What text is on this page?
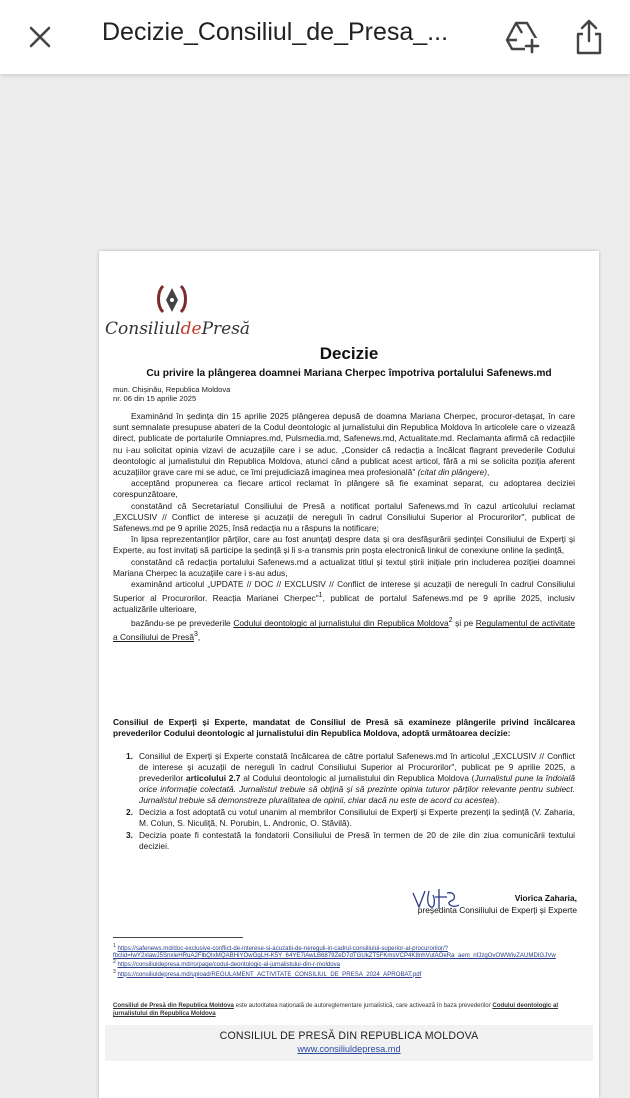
Decizie_Consiliul_de_Presa_...
ConsiliuldePresă
Decizie
Cu privire la plângerea doamnei Mariana Cherpec împotriva portalului Safenews.md
mun. Chișinău, Republica Moldova
nr. 06 din 15 aprilie 2025

Examinând în ședința din 15 aprilie 2025 plângerea depusă de doamna Mariana Cherpec, procuror-detașat, în care sunt semnalate presupuse abateri de la Codul deontologic al jurnalistului din Republica Moldova în articolele care o vizează direct, publicate de portalurile Omniapres.md, Pulsmedia.md, Safenews.md, Actualitate.md. Reclamanta afirmă că redacțiile nu i-au solicitat opinia vizavi de acuzațiile care i se aduc. „Consider că redacția a încălcat flagrant prevederile Codului deontologic al jurnalistului din Republica Moldova, atunci când a publicat acest articol, fără a mi se solicita poziția aferent acuzațiilor grave care mi se aduc, ce îmi prejudiciază imaginea mea profesională" (citat din plângere),

acceptând propunerea ca fiecare articol reclamat în plângere să fie examinat separat, cu adoptarea deciziei corespunzătoare,

constatând că Secretariatul Consiliului de Presă a notificat portalul Safenews.md în cazul articolului reclamat „EXCLUSIV // Conflict de interese și acuzații de nereguli în cadrul Consiliului Superior al Procurorilor", publicat de Safenews.md pe 9 aprilie 2025, însă redacția nu a răspuns la notificare;

în lipsa reprezentanților părților, care au fost anunțați despre data și ora desfășurării ședinței Consiliului de Experți și Experte, au fost invitați să participe la ședință și li s-a transmis prin poșta electronică linkul de conexiune online la ședință,

constatând că redacția portalului Safenews.md a actualizat titlul și textul știrii inițiale prin includerea poziției doamnei Mariana Cherpec la acuzațiile care i s-au adus,

examinând articolul „UPDATE // DOC // EXCLUSIV // Conflict de interese și acuzații de nereguli în cadrul Consiliului Superior al Procurorilor. Reacția Marianei Cherpec"$^1$, publicat de portalul Safenews.md pe 9 aprilie 2025, inclusiv actualizările ulterioare,

bazându-se pe prevederile Codului deontologic al jurnalistului din Republica Moldova$^2$ și pe Regulamentul de activitate a Consiliului de Presă$^3$,

Consiliul de Experți și Experte, mandatat de Consiliul de Presă să examineze plângerile privind încălcarea prevederilor Codului deontologic al jurnalistului din Republica Moldova, adoptă următoarea decizie:
1. Consiliul de Experți și Experte constată încălcarea de către portalul Safenews.md în articolul „EXCLUSIV // Conflict de interese și acuzații de nereguli în cadrul Consiliului Superior al Procurorilor", publicat pe 9 aprilie 2025, a prevederilor articolului 2.7 al Codului deontologic al jurnalistului din Republica Moldova (Jurnalistul pune la îndoială orice informație colectată. Jurnalistul trebuie să obțină și să prezinte opinia tuturor părților relevante pentru subiect. Jurnalistul trebuie să demonstreze pluralitatea de opinii, chiar dacă nu este de acord cu acestea).
2. Decizia a fost adoptată cu votul unanim al membrilor Consiliului de Experți și Experte prezenți la ședință (V. Zaharia, M. Colun, S. Niculiță, N. Porubin, L. Andronic, O. Stăvilă).
3. Decizia poate fi contestată la fondatorii Consiliului de Presă în termen de 20 de zile din ziua comunicării textului deciziei.
Viorica Zaharia,
președinta Consiliului de Experți și Experte
$^1$ https://safenews.md/doc-exclusive-conflict-de-interese-si-acuzatii-de-nereguli-in-cadrul-consiliului-superior-al-procurorilor/?fbclid=IwY2xlawJ5SnxleHRuA2FlbQIxMQABHiYOwGgLH-K5Y_64YE7iAwLB6879ZeD7dTGUkZT5FKmsVCP4K8nhVutAOeRa_aem_nfJzgOvOWWivZAUMDIGJVw
$^2$ https://consiliuldepresa.md/ro/page/codul-deontologic-al-jurnalistului-din-r-moldova
$^3$ https://consiliuldepresa.md/upload/REGULAMENT_ACTIVITATE_CONSILIUL_DE_PRESA_2024_APROBAT.pdf
Consiliul de Presă din Republica Moldova este autoritatea națională de autoreglementare jurnalistică, care activează în baza prevederilor Codului deontologic al jurnalistului din Republica Moldova
CONSILIUL DE PRESĂ DIN REPUBLICA MOLDOVA
www.consiliuldepresa.md
